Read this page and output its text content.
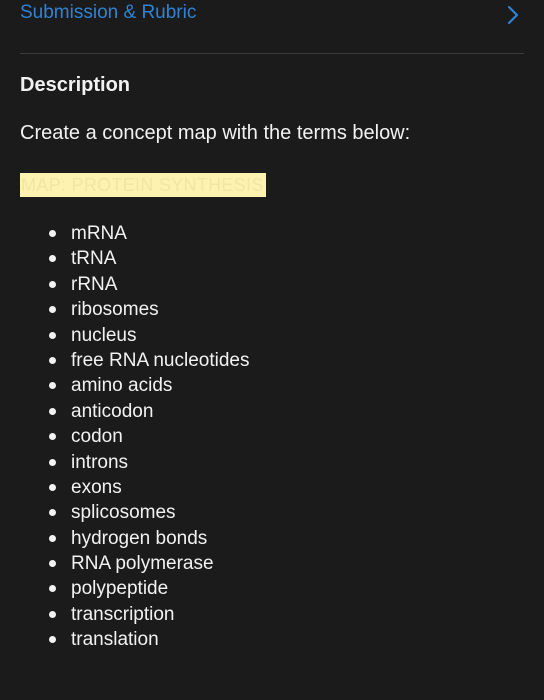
Submission & Rubric
Description
Create a concept map with the terms below:
MAP: PROTEIN SYNTHESIS
mRNA
tRNA
rRNA
ribosomes
nucleus
free RNA nucleotides
amino acids
anticodon
codon
introns
exons
splicosomes
hydrogen bonds
RNA polymerase
polypeptide
transcription
translation
